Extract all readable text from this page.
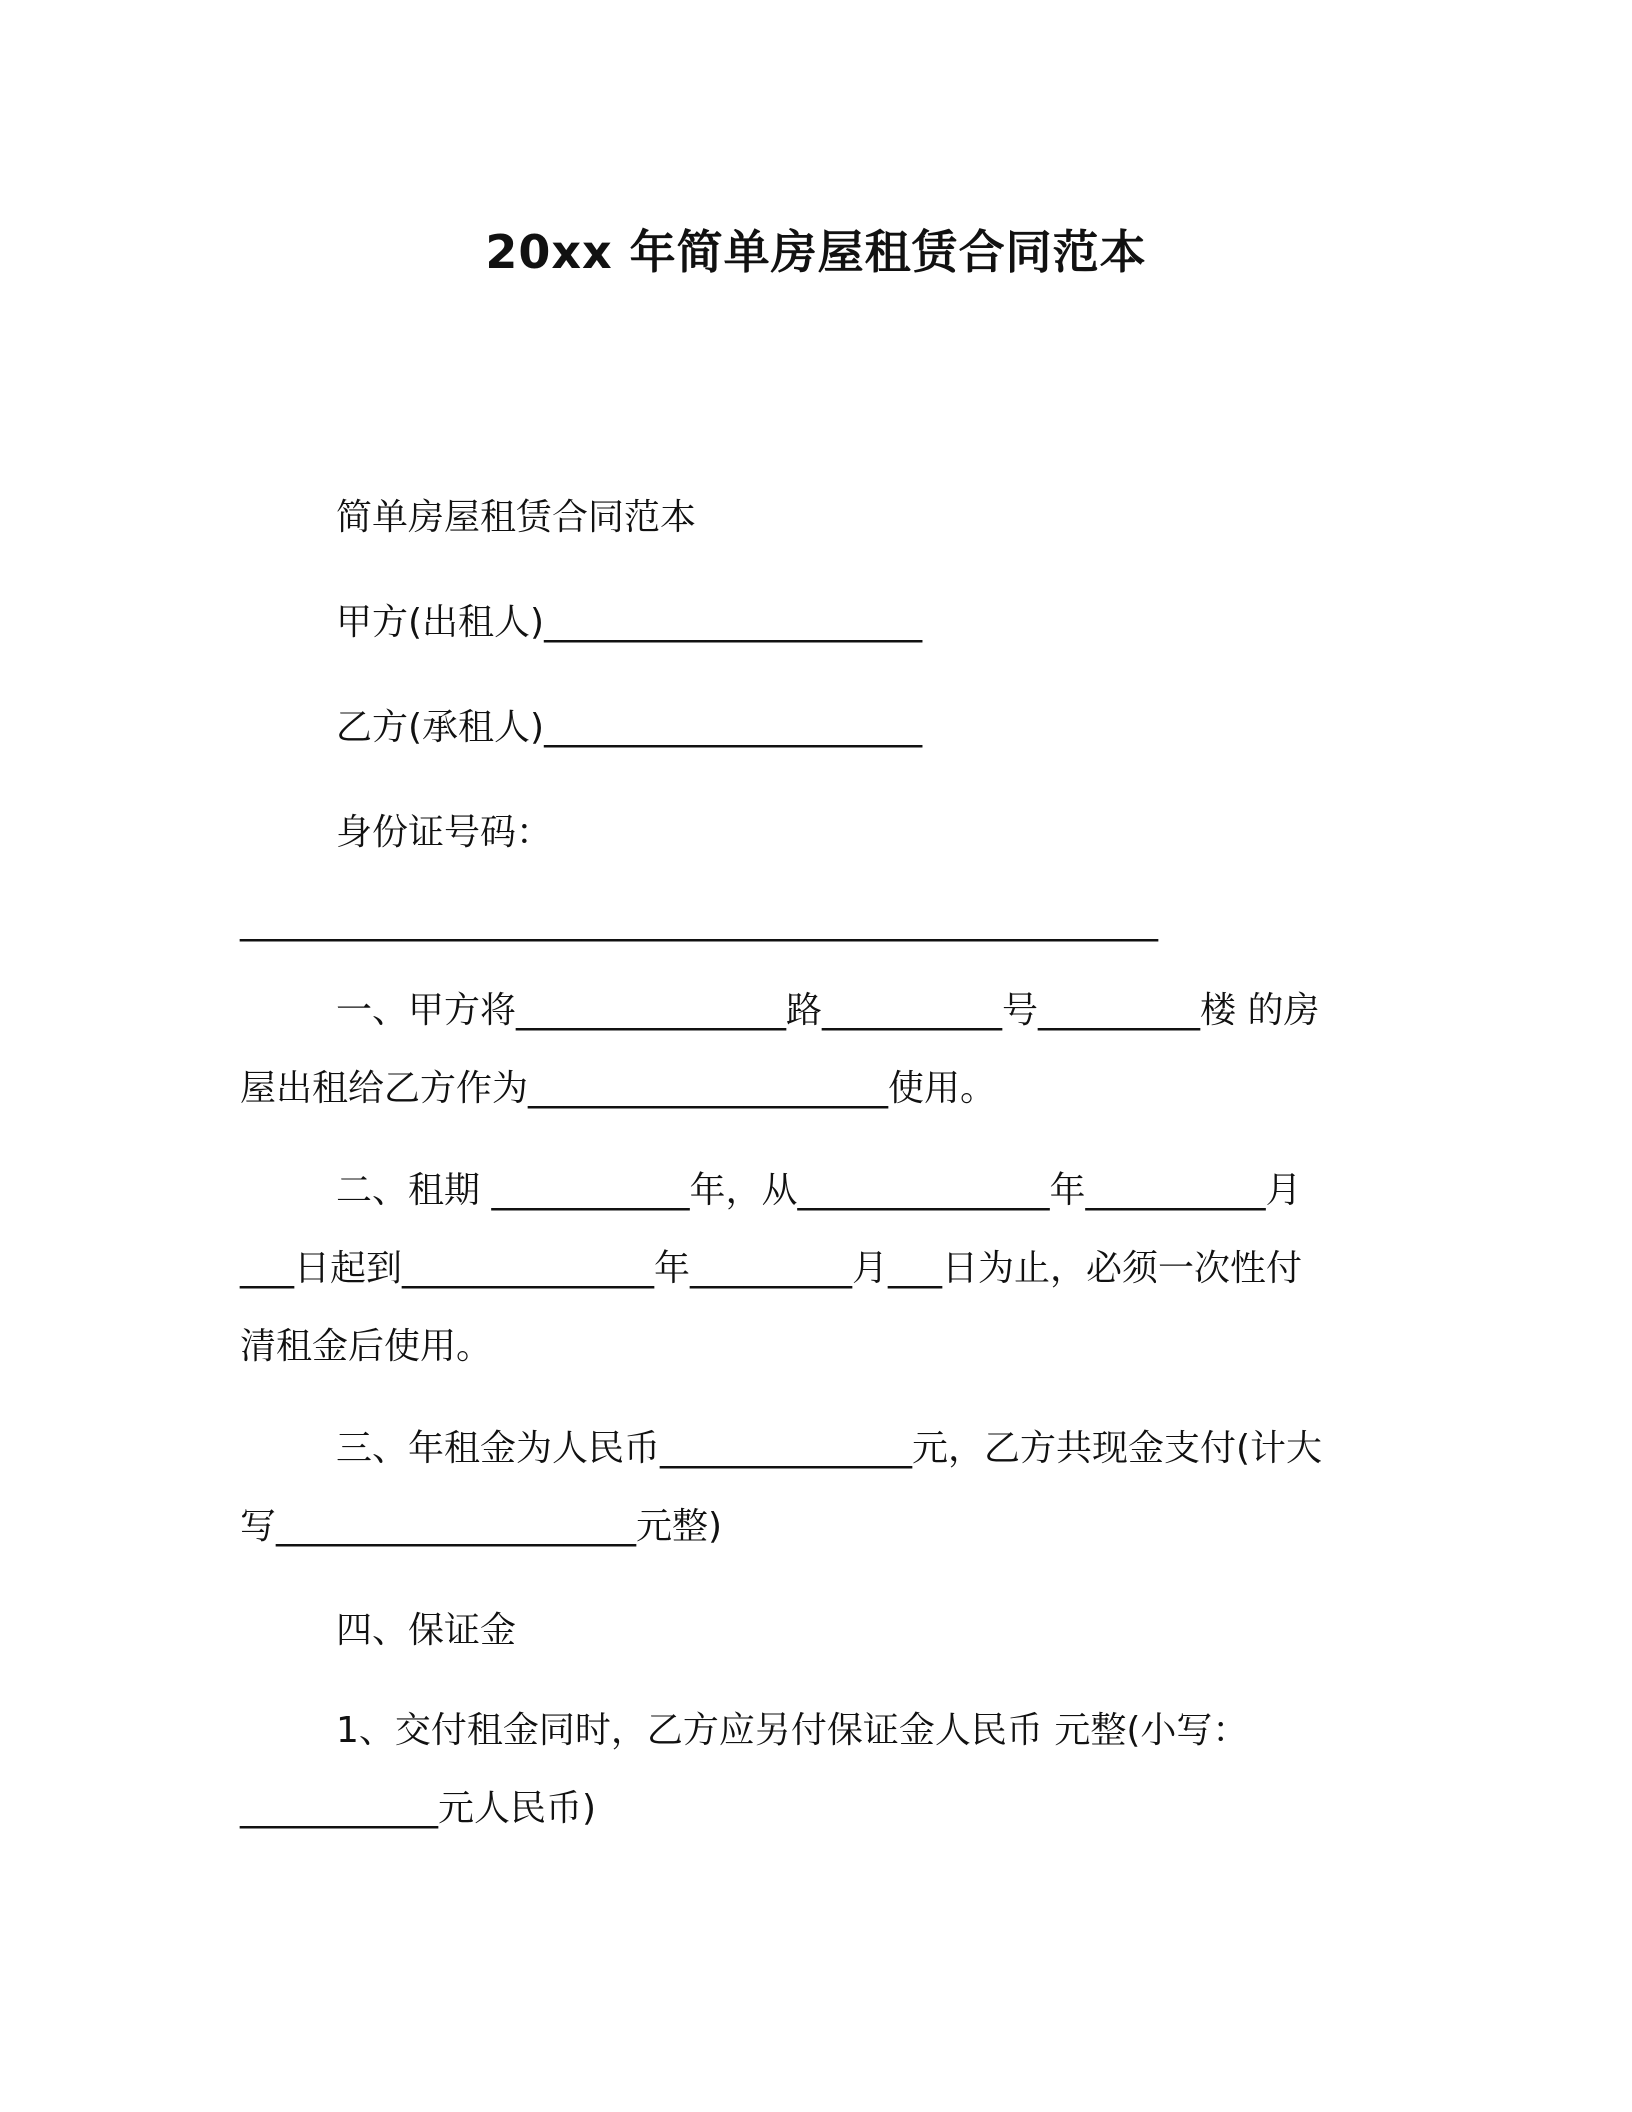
20xx 年简单房屋租赁合同范本
简单房屋租赁合同范本
甲方(出租人)_____________________
乙方(承租人)_____________________
身份证号码：
___________________________________________________
一、甲方将_______________路__________号_________楼 的房
屋出租给乙方作为____________________使用。
二、租期 ___________年，从______________年__________月
___日起到______________年_________月___日为止，必须一次性付
清租金后使用。
三、年租金为人民币______________元，乙方共现金支付(计大
写____________________元整)
四、保证金
1、交付租金同时，乙方应另付保证金人民币 元整(小写：
___________元人民币)
